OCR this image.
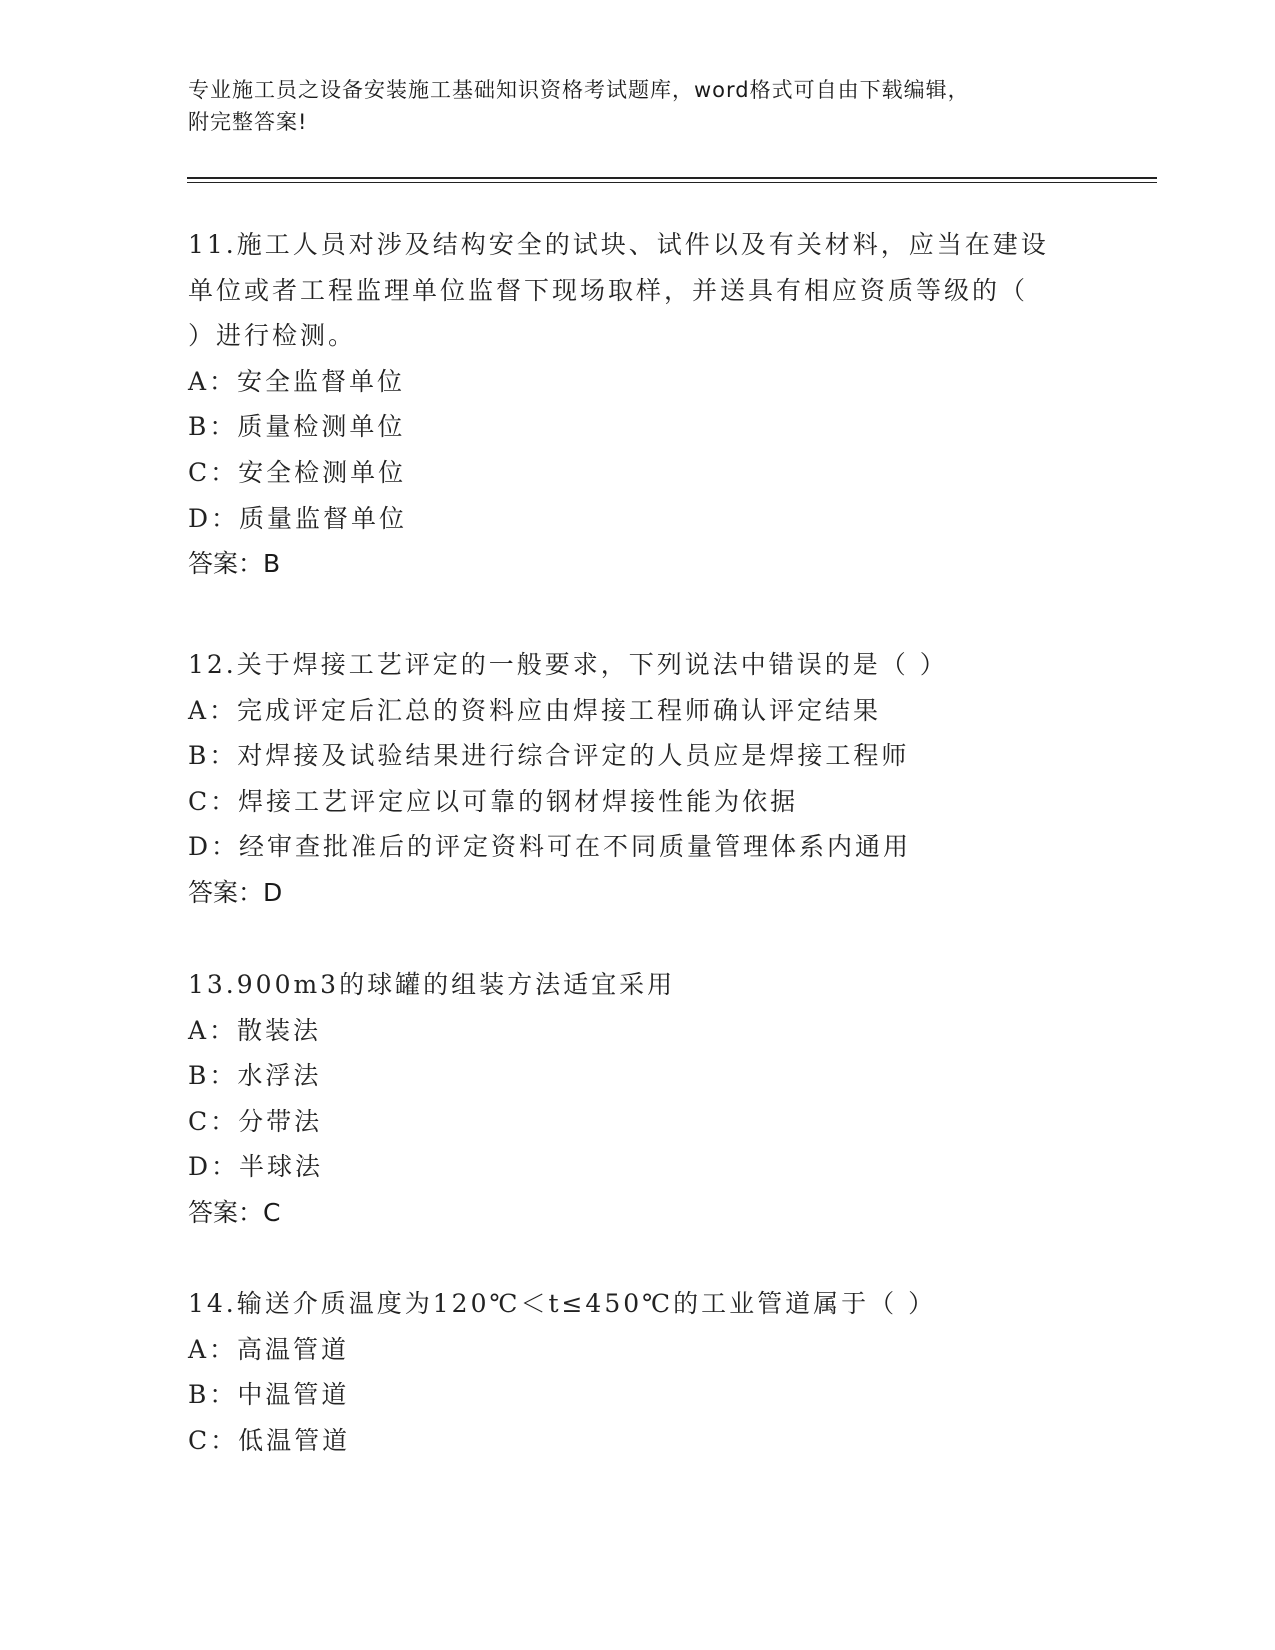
专业施工员之设备安装施工基础知识资格考试题库，word格式可自由下载编辑，
附完整答案!
11.施工人员对涉及结构安全的试块、试件以及有关材料，应当在建设
单位或者工程监理单位监督下现场取样，并送具有相应资质等级的（
）进行检测。
A：安全监督单位
B：质量检测单位
C：安全检测单位
D：质量监督单位
答案：B
12.关于焊接工艺评定的一般要求，下列说法中错误的是（ ）
A：完成评定后汇总的资料应由焊接工程师确认评定结果
B：对焊接及试验结果进行综合评定的人员应是焊接工程师
C：焊接工艺评定应以可靠的钢材焊接性能为依据
D：经审查批准后的评定资料可在不同质量管理体系内通用
答案：D
13.900m3的球罐的组装方法适宜采用
A：散装法
B：水浮法
C：分带法
D：半球法
答案：C
14.输送介质温度为120℃＜t≤450℃的工业管道属于（ ）
A：高温管道
B：中温管道
C：低温管道
